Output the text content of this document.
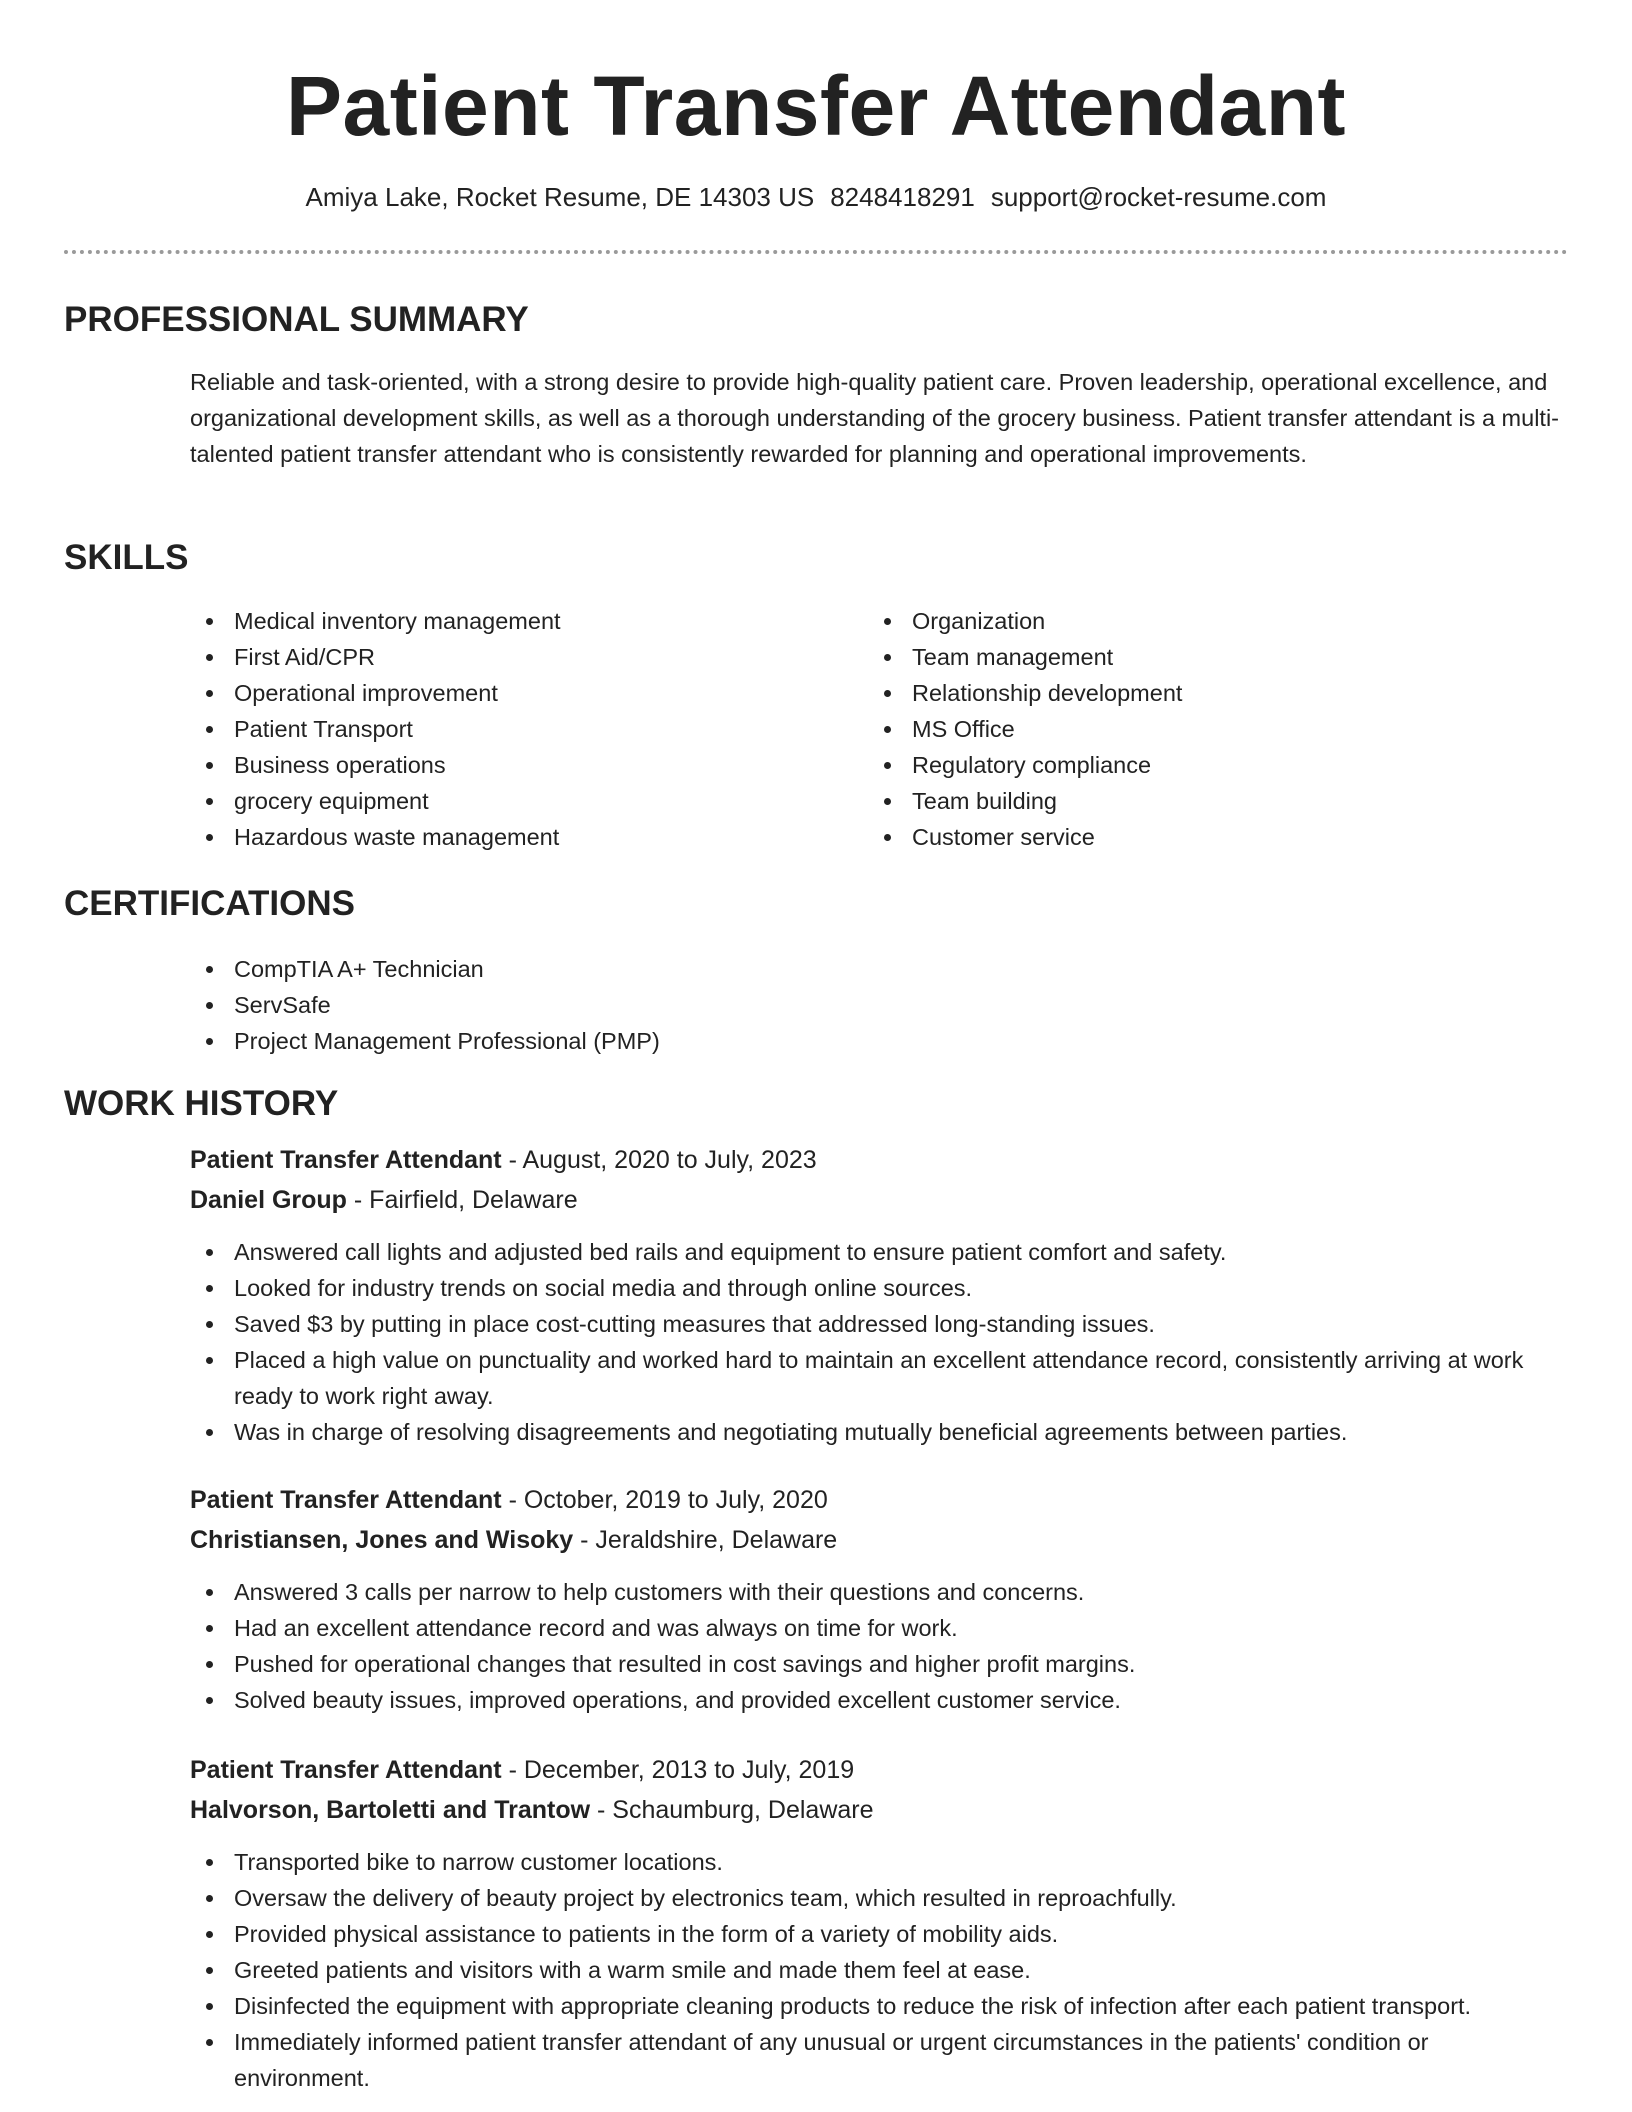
Patient Transfer Attendant

Amiya Lake, Rocket Resume, DE 14303 US 8248418291 support@rocket-resume.com

PROFESSIONAL SUMMARY

Reliable and task-oriented, with a strong desire to provide high-quality patient care. Proven leadership, operational excellence, and organizational development skills, as well as a thorough understanding of the grocery business. Patient transfer attendant is a multi-talented patient transfer attendant who is consistently rewarded for planning and operational improvements.

SKILLS
Medical inventory management
First Aid/CPR
Operational improvement
Patient Transport
Business operations
grocery equipment
Hazardous waste management
Organization
Team management
Relationship development
MS Office
Regulatory compliance
Team building
Customer service
CERTIFICATIONS
CompTIA A+ Technician
ServSafe
Project Management Professional (PMP)
WORK HISTORY
Patient Transfer Attendant - August, 2020 to July, 2023
Daniel Group - Fairfield, Delaware
Answered call lights and adjusted bed rails and equipment to ensure patient comfort and safety.
Looked for industry trends on social media and through online sources.
Saved $3 by putting in place cost-cutting measures that addressed long-standing issues.
Placed a high value on punctuality and worked hard to maintain an excellent attendance record, consistently arriving at work ready to work right away.
Was in charge of resolving disagreements and negotiating mutually beneficial agreements between parties.
Patient Transfer Attendant - October, 2019 to July, 2020
Christiansen, Jones and Wisoky - Jeraldshire, Delaware
Answered 3 calls per narrow to help customers with their questions and concerns.
Had an excellent attendance record and was always on time for work.
Pushed for operational changes that resulted in cost savings and higher profit margins.
Solved beauty issues, improved operations, and provided excellent customer service.
Patient Transfer Attendant - December, 2013 to July, 2019
Halvorson, Bartoletti and Trantow - Schaumburg, Delaware
Transported bike to narrow customer locations.
Oversaw the delivery of beauty project by electronics team, which resulted in reproachfully.
Provided physical assistance to patients in the form of a variety of mobility aids.
Greeted patients and visitors with a warm smile and made them feel at ease.
Disinfected the equipment with appropriate cleaning products to reduce the risk of infection after each patient transport.
Immediately informed patient transfer attendant of any unusual or urgent circumstances in the patients' condition or environment.
